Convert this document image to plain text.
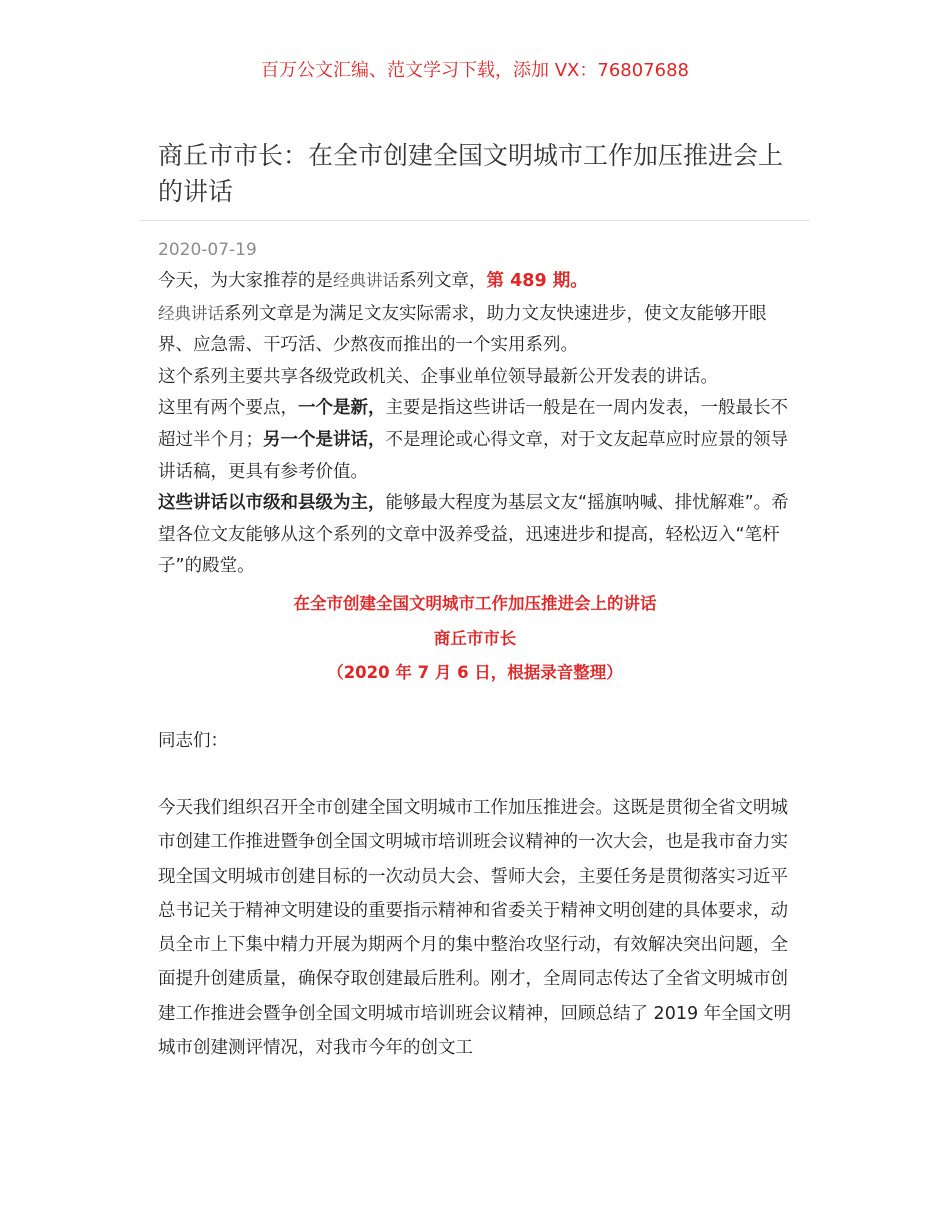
百万公文汇编、范文学习下载，添加 VX：76807688
商丘市市长：在全市创建全国文明城市工作加压推进会上的讲话
2020-07-19

今天，为大家推荐的是经典讲话系列文章，第 489 期。

经典讲话系列文章是为满足文友实际需求，助力文友快速进步，使文友能够开眼界、应急需、干巧活、少熬夜而推出的一个实用系列。

这个系列主要共享各级党政机关、企事业单位领导最新公开发表的讲话。

这里有两个要点，一个是新，主要是指这些讲话一般是在一周内发表，一般最长不超过半个月；另一个是讲话，不是理论或心得文章，对于文友起草应时应景的领导讲话稿，更具有参考价值。

这些讲话以市级和县级为主，能够最大程度为基层文友“摇旗呐喊、排忧解难”。希望各位文友能够从这个系列的文章中汲养受益，迅速进步和提高，轻松迈入“笔杆子”的殿堂。

在全市创建全国文明城市工作加压推进会上的讲话
商丘市市长
（2020 年 7 月 6 日，根据录音整理）
同志们：

今天我们组织召开全市创建全国文明城市工作加压推进会。这既是贯彻全省文明城市创建工作推进暨争创全国文明城市培训班会议精神的一次大会，也是我市奋力实现全国文明城市创建目标的一次动员大会、誓师大会，主要任务是贯彻落实习近平总书记关于精神文明建设的重要指示精神和省委关于精神文明创建的具体要求，动员全市上下集中精力开展为期两个月的集中整治攻坚行动，有效解决突出问题，全面提升创建质量，确保夺取创建最后胜利。刚才，全周同志传达了全省文明城市创建工作推进会暨争创全国文明城市培训班会议精神，回顾总结了 2019 年全国文明城市创建测评情况，对我市今年的创文工
